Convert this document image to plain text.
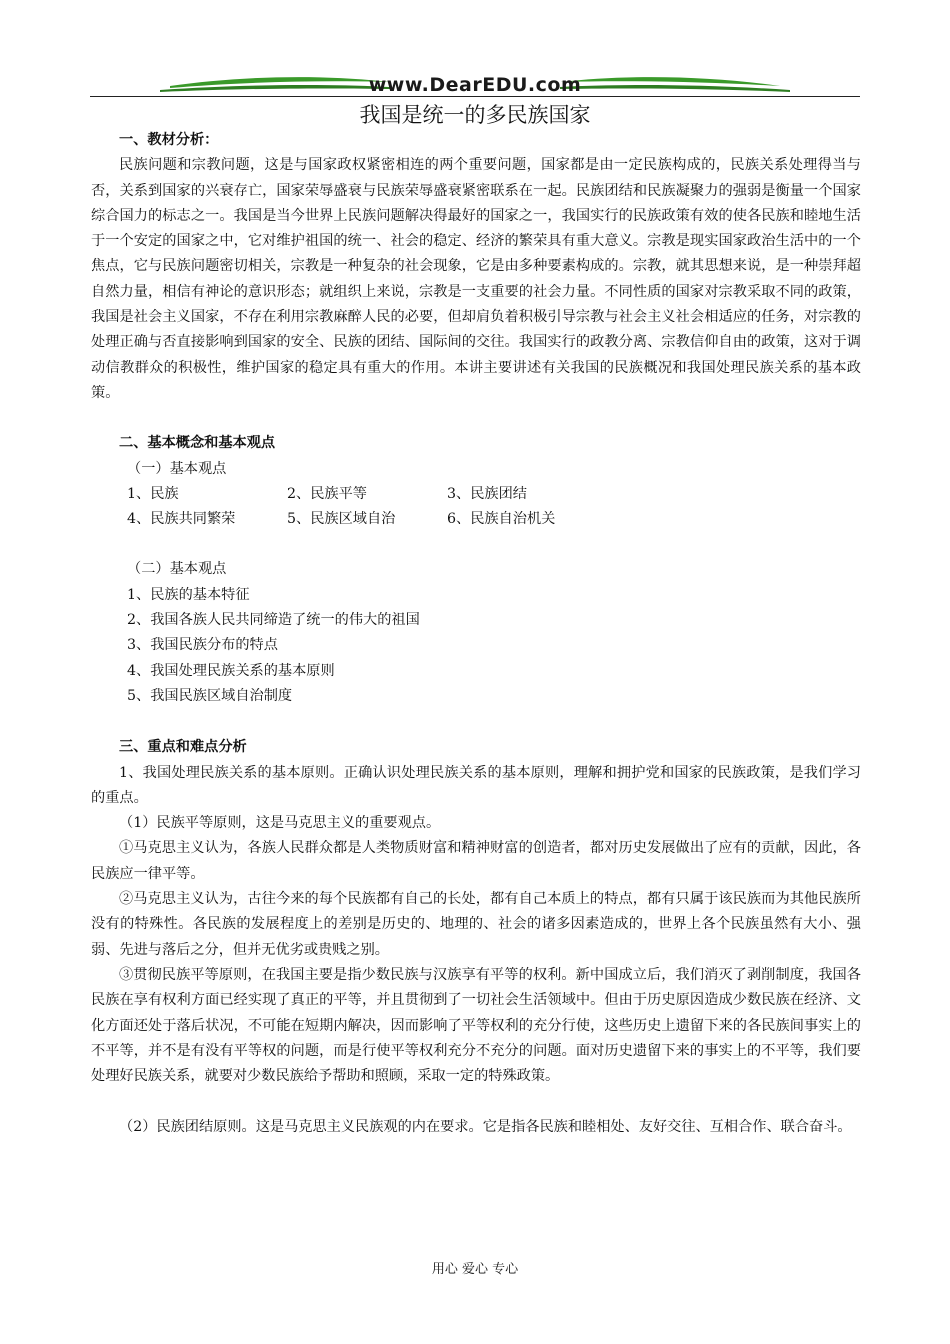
www.DearEDU.com
我国是统一的多民族国家

一、教材分析：

民族问题和宗教问题，这是与国家政权紧密相连的两个重要问题，国家都是由一定民族构成的，民族关系处理得当与否，关系到国家的兴衰存亡，国家荣辱盛衰与民族荣辱盛衰紧密联系在一起。民族团结和民族凝聚力的强弱是衡量一个国家综合国力的标志之一。我国是当今世界上民族问题解决得最好的国家之一，我国实行的民族政策有效的使各民族和睦地生活于一个安定的国家之中，它对维护祖国的统一、社会的稳定、经济的繁荣具有重大意义。宗教是现实国家政治生活中的一个焦点，它与民族问题密切相关，宗教是一种复杂的社会现象，它是由多种要素构成的。宗教，就其思想来说，是一种崇拜超自然力量，相信有神论的意识形态；就组织上来说，宗教是一支重要的社会力量。不同性质的国家对宗教采取不同的政策，我国是社会主义国家，不存在利用宗教麻醉人民的必要，但却肩负着积极引导宗教与社会主义社会相适应的任务，对宗教的处理正确与否直接影响到国家的安全、民族的团结、国际间的交往。我国实行的政教分离、宗教信仰自由的政策，这对于调动信教群众的积极性，维护国家的稳定具有重大的作用。本讲主要讲述有关我国的民族概况和我国处理民族关系的基本政策。

二、基本概念和基本观点

（一）基本观点

1、民族	2、民族平等	3、民族团结
4、民族共同繁荣	5、民族区域自治	6、民族自治机关

（二）基本观点

1、民族的基本特征

2、我国各族人民共同缔造了统一的伟大的祖国

3、我国民族分布的特点

4、我国处理民族关系的基本原则

5、我国民族区域自治制度

三、重点和难点分析

1、我国处理民族关系的基本原则。正确认识处理民族关系的基本原则，理解和拥护党和国家的民族政策，是我们学习的重点。

（1）民族平等原则，这是马克思主义的重要观点。

①马克思主义认为，各族人民群众都是人类物质财富和精神财富的创造者，都对历史发展做出了应有的贡献，因此，各民族应一律平等。

②马克思主义认为，古往今来的每个民族都有自己的长处，都有自己本质上的特点，都有只属于该民族而为其他民族所没有的特殊性。各民族的发展程度上的差别是历史的、地理的、社会的诸多因素造成的，世界上各个民族虽然有大小、强弱、先进与落后之分，但并无优劣或贵贱之别。

③贯彻民族平等原则，在我国主要是指少数民族与汉族享有平等的权利。新中国成立后，我们消灭了剥削制度，我国各民族在享有权利方面已经实现了真正的平等，并且贯彻到了一切社会生活领域中。但由于历史原因造成少数民族在经济、文化方面还处于落后状况，不可能在短期内解决，因而影响了平等权利的充分行使，这些历史上遗留下来的各民族间事实上的不平等，并不是有没有平等权的问题，而是行使平等权利充分不充分的问题。面对历史遗留下来的事实上的不平等，我们要处理好民族关系，就要对少数民族给予帮助和照顾，采取一定的特殊政策。

（2）民族团结原则。这是马克思主义民族观的内在要求。它是指各民族和睦相处、友好交往、互相合作、联合奋斗。

用心 爱心 专心
